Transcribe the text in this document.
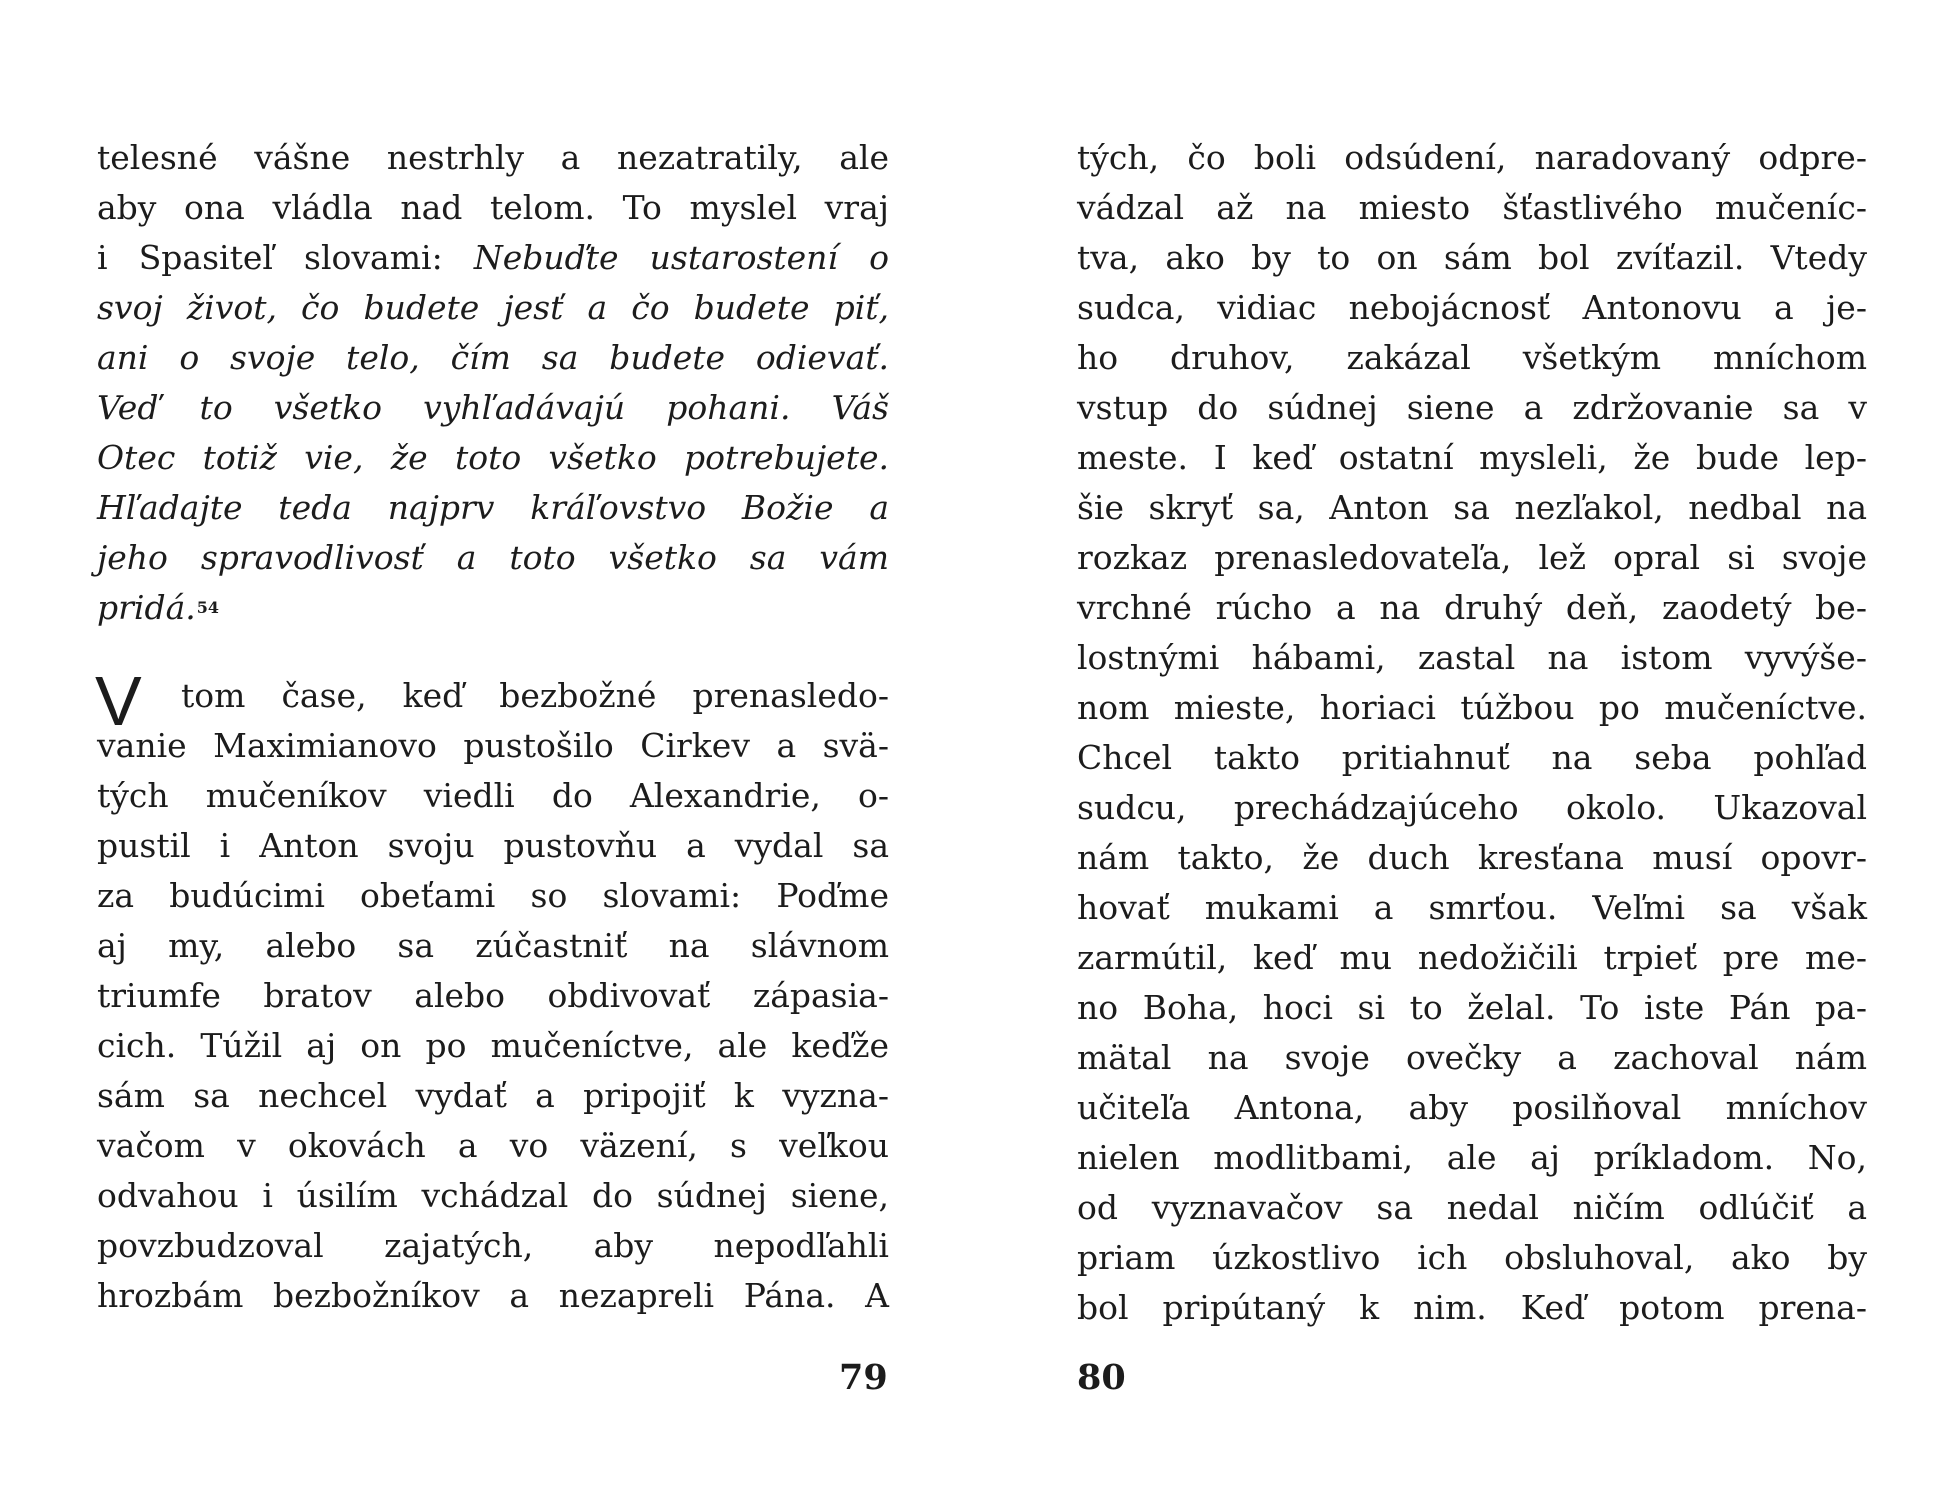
telesné vášne nestrhly a nezatratily, ale
aby ona vládla nad telom. To myslel vraj
i Spasiteľ slovami: Nebuďte ustarostení o
svoj život, čo budete jesť a čo budete piť,
ani o svoje telo, čím sa budete odievať.
Veď to všetko vyhľadávajú pohani. Váš
Otec totiž vie, že toto všetko potrebujete.
Hľadajte teda najprv kráľovstvo Božie a
jeho spravodlivosť a toto všetko sa vám
pridá.54
V tom čase, keď bezbožné prenasledo-
vanie Maximianovo pustošilo Cirkev a svä-
tých mučeníkov viedli do Alexandrie, o-
pustil i Anton svoju pustovňu a vydal sa
za budúcimi obeťami so slovami: Poďme
aj my, alebo sa zúčastniť na slávnom
triumfe bratov alebo obdivovať zápasia-
cich. Túžil aj on po mučeníctve, ale keďže
sám sa nechcel vydať a pripojiť k vyzna-
vačom v okovách a vo väzení, s veľkou
odvahou i úsilím vchádzal do súdnej siene,
povzbudzoval zajatých, aby nepodľahli
hrozbám bezbožníkov a nezapreli Pána. A
79
tých, čo boli odsúdení, naradovaný odpre-
vádzal až na miesto šťastlivého mučeníc-
tva, ako by to on sám bol zvíťazil. Vtedy
sudca, vidiac nebojácnosť Antonovu a je-
ho druhov, zakázal všetkým mníchom
vstup do súdnej siene a zdržovanie sa v
meste. I keď ostatní mysleli, že bude lep-
šie skryť sa, Anton sa nezľakol, nedbal na
rozkaz prenasledovateľa, lež opral si svoje
vrchné rúcho a na druhý deň, zaodetý be-
lostnými hábami, zastal na istom vyvýše-
nom mieste, horiaci túžbou po mučeníctve.
Chcel takto pritiahnuť na seba pohľad
sudcu, prechádzajúceho okolo. Ukazoval
nám takto, že duch kresťana musí opovr-
hovať mukami a smrťou. Veľmi sa však
zarmútil, keď mu nedožičili trpieť pre me-
no Boha, hoci si to želal. To iste Pán pa-
mätal na svoje ovečky a zachoval nám
učiteľa Antona, aby posilňoval mníchov
nielen modlitbami, ale aj príkladom. No,
od vyznavačov sa nedal ničím odlúčiť a
priam úzkostlivo ich obsluhoval, ako by
bol pripútaný k nim. Keď potom prena-
80
